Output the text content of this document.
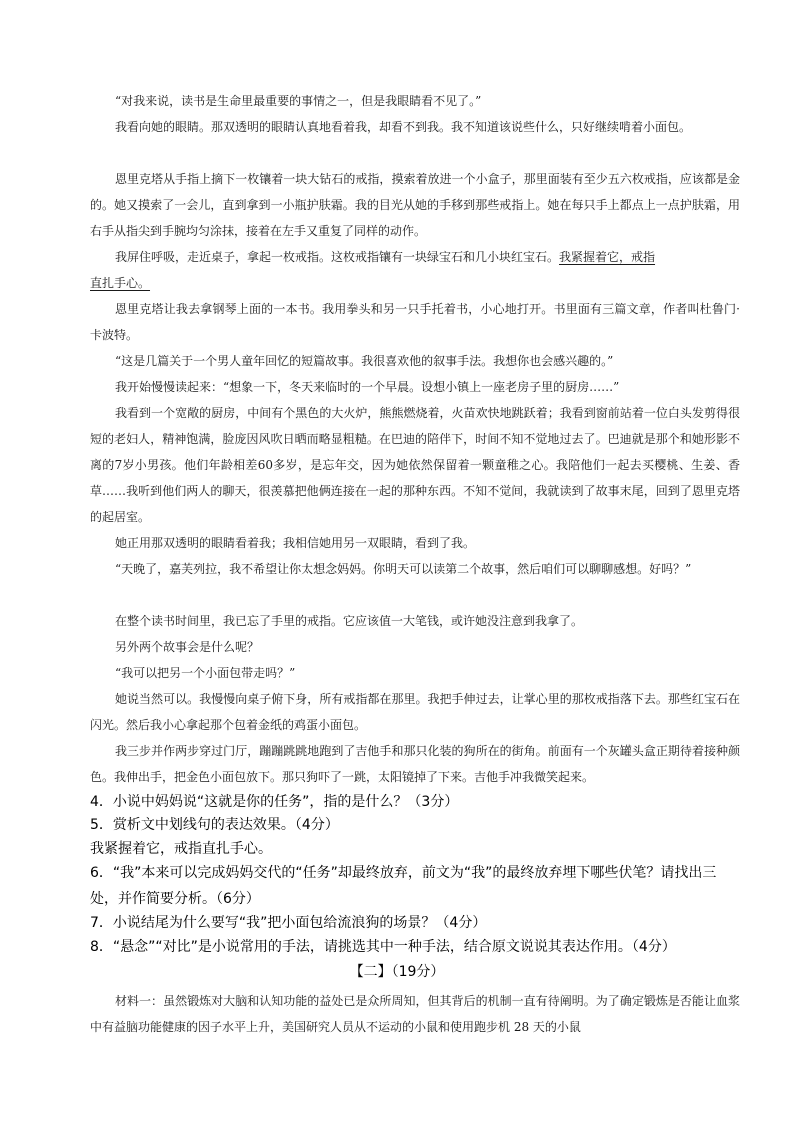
“对我来说，读书是生命里最重要的事情之一，但是我眼睛看不见了。”

我看向她的眼睛。那双透明的眼睛认真地看着我，却看不到我。我不知道该说些什么，只好继续啃着小面包。

恩里克塔从手指上摘下一枚镶着一块大钻石的戒指，摸索着放进一个小盒子，那里面装有至少五六枚戒指，应该都是金的。她又摸索了一会儿，直到拿到一小瓶护肤霜。我的目光从她的手移到那些戒指上。她在每只手上都点上一点护肤霜，用右手从指尖到手腕均匀涂抹，接着在左手又重复了同样的动作。

我屏住呼吸，走近桌子，拿起一枚戒指。这枚戒指镶有一块绿宝石和几小块红宝石。我紧握着它，戒指
直扎手心。

恩里克塔让我去拿钢琴上面的一本书。我用拳头和另一只手托着书，小心地打开。书里面有三篇文章，作者叫杜鲁门·卡波特。

“这是几篇关于一个男人童年回忆的短篇故事。我很喜欢他的叙事手法。我想你也会感兴趣的。”

我开始慢慢读起来：“想象一下，冬天来临时的一个早晨。设想小镇上一座老房子里的厨房……”

我看到一个宽敞的厨房，中间有个黑色的大火炉，熊熊燃烧着，火苗欢快地跳跃着；我看到窗前站着一位白头发剪得很短的老妇人，精神饱满，脸庞因风吹日晒而略显粗糙。在巴迪的陪伴下，时间不知不觉地过去了。巴迪就是那个和她形影不离的7岁小男孩。他们年龄相差60多岁，是忘年交，因为她依然保留着一颗童稚之心。我陪他们一起去买樱桃、生姜、香草……我听到他们两人的聊天，很羡慕把他俩连接在一起的那种东西。不知不觉间，我就读到了故事末尾，回到了恩里克塔的起居室。

她正用那双透明的眼睛看着我；我相信她用另一双眼睛，看到了我。

“天晚了，嘉芙列拉，我不希望让你太想念妈妈。你明天可以读第二个故事，然后咱们可以聊聊感想。好吗？”

在整个读书时间里，我已忘了手里的戒指。它应该值一大笔钱，或许她没注意到我拿了。

另外两个故事会是什么呢？

“我可以把另一个小面包带走吗？”

她说当然可以。我慢慢向桌子俯下身，所有戒指都在那里。我把手伸过去，让掌心里的那枚戒指落下去。那些红宝石在闪光。然后我小心拿起那个包着金纸的鸡蛋小面包。

我三步并作两步穿过门厅，蹦蹦跳跳地跑到了吉他手和那只化装的狗所在的街角。前面有一个灰罐头盒正期待着接种颜色。我伸出手，把金色小面包放下。那只狗吓了一跳，太阳镜掉了下来。吉他手冲我微笑起来。

4．小说中妈妈说“这就是你的任务”，指的是什么？（3分）

5．赏析文中划线句的表达效果。（4分）

我紧握着它，戒指直扎手心。

6．“我”本来可以完成妈妈交代的“任务”却最终放弃，前文为“我”的最终放弃埋下哪些伏笔？请找出三处，并作简要分析。（6分）

7．小说结尾为什么要写“我”把小面包给流浪狗的场景？（4分）

8．“悬念”“对比”是小说常用的手法，请挑选其中一种手法，结合原文说说其表达作用。（4分）

【二】（19分）

材料一：虽然锻炼对大脑和认知功能的益处已是众所周知，但其背后的机制一直有待阐明。为了确定锻炼是否能让血浆中有益脑功能健康的因子水平上升，美国研究人员从不运动的小鼠和使用跑步机 28 天的小鼠
